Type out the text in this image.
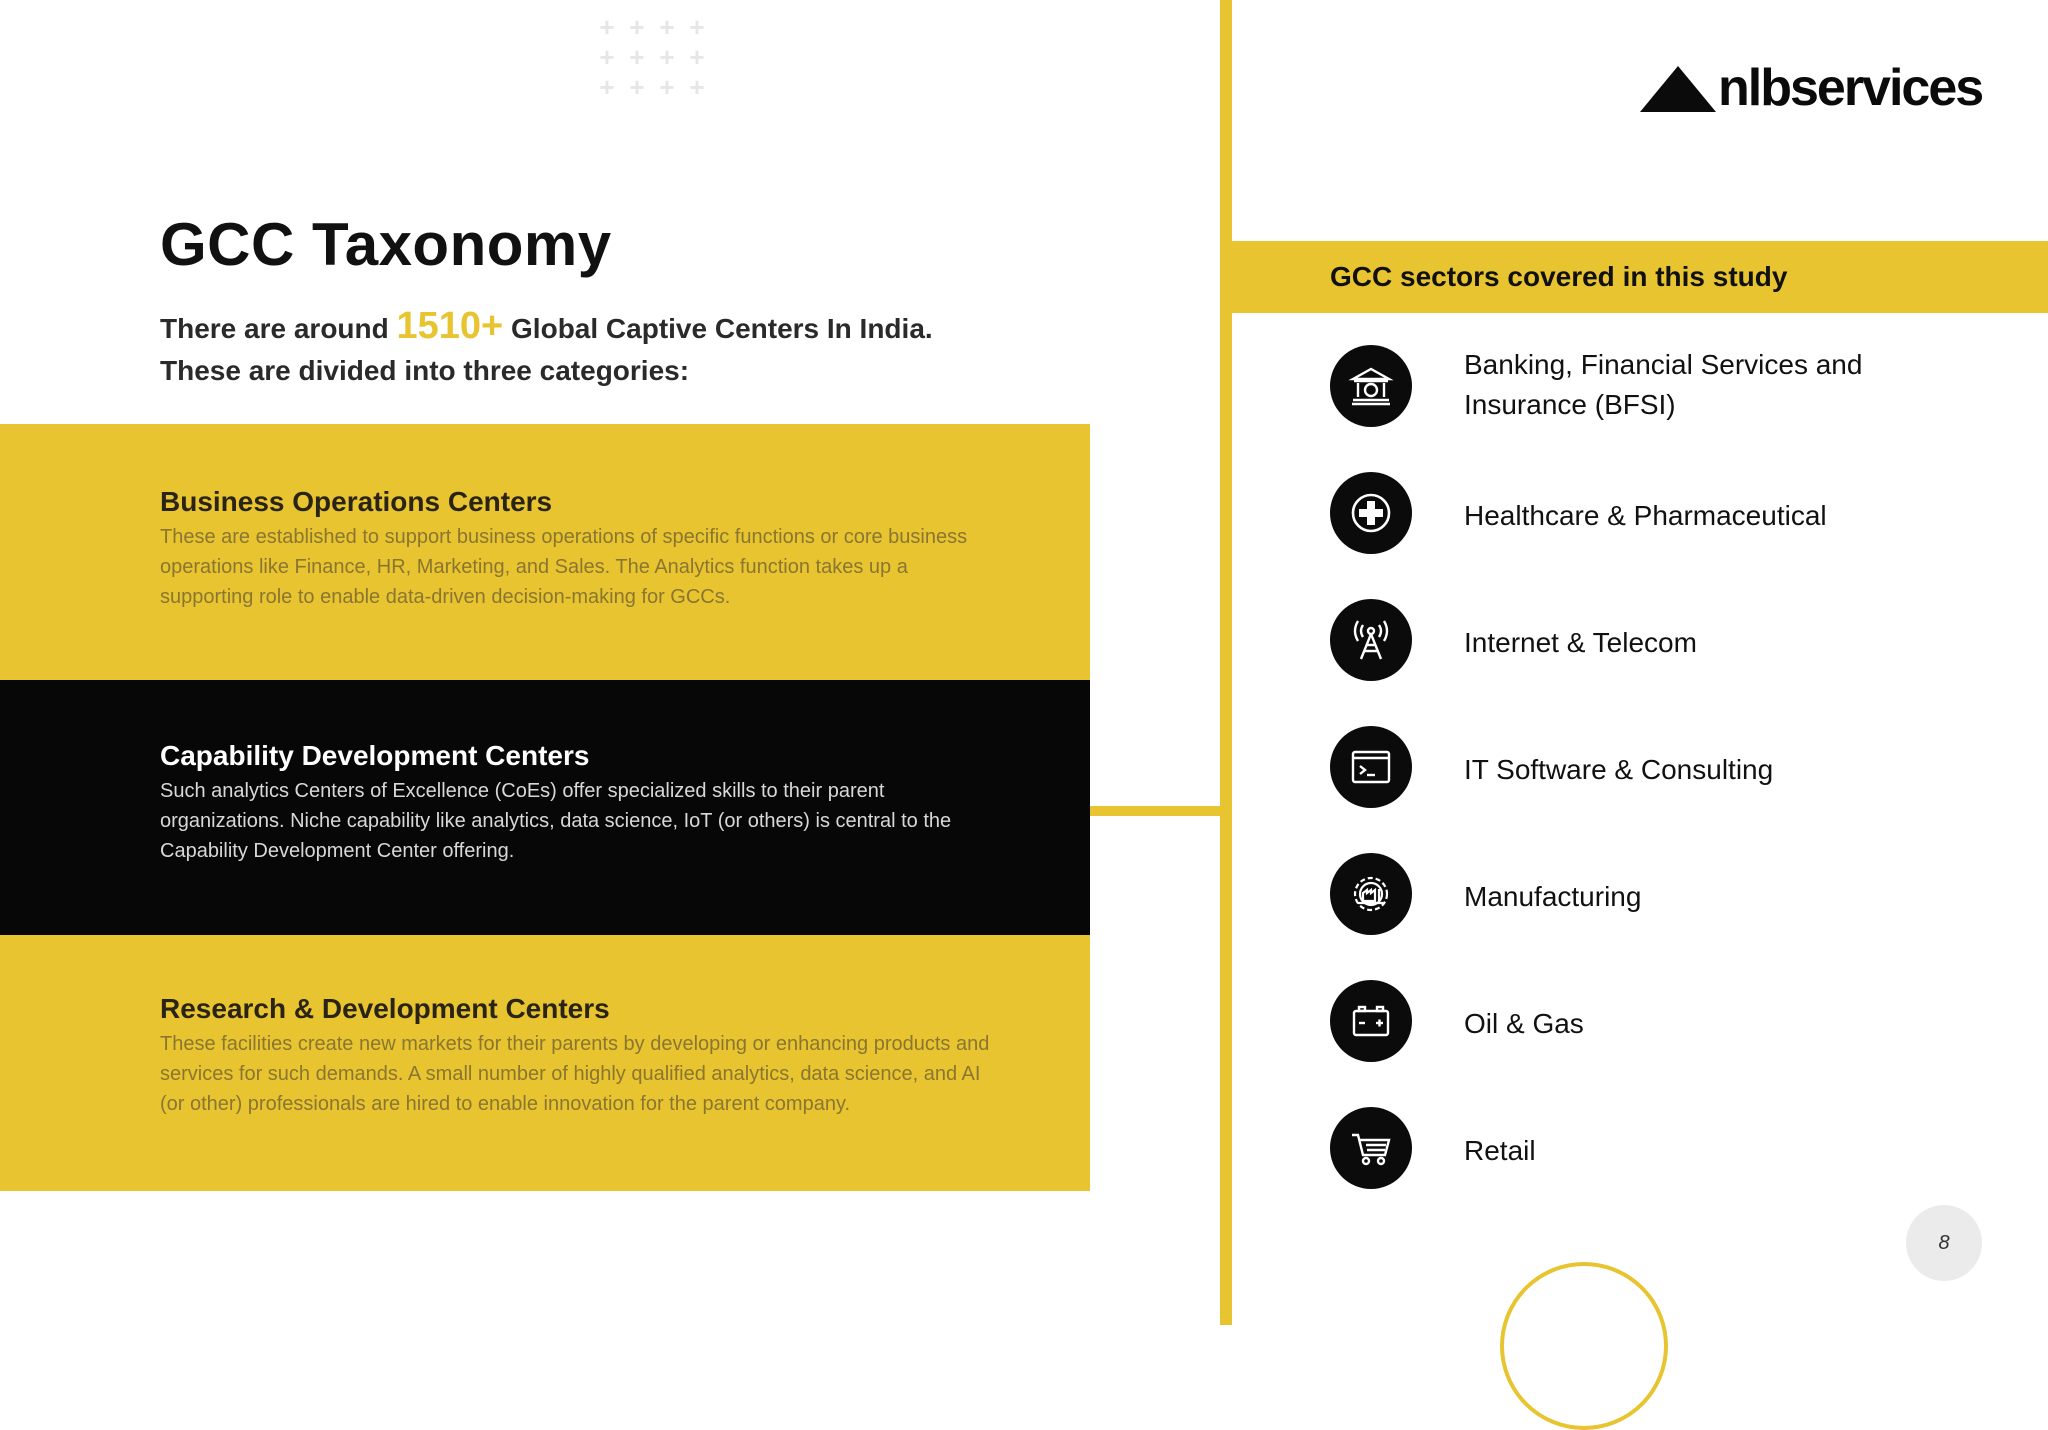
+ + + +
+ + + +
+ + + +
GCC Taxonomy

There are around 1510+ Global Captive Centers In India.
These are divided into three categories:

Business Operations Centers

These are established to support business operations of specific functions or core business operations like Finance, HR, Marketing, and Sales. The Analytics function takes up a supporting role to enable data-driven decision-making for GCCs.

Capability Development Centers

Such analytics Centers of Excellence (CoEs) offer specialized skills to their parent organizations. Niche capability like analytics, data science, IoT (or others) is central to the Capability Development Center offering.

Research & Development Centers

These facilities create new markets for their parents by developing or enhancing products and services for such demands. A small number of highly qualified analytics, data science, and AI (or other) professionals are hired to enable innovation for the parent company.

nlbservices
GCC sectors covered in this study
Banking, Financial Services and Insurance (BFSI)
Healthcare & Pharmaceutical
Internet & Telecom
IT Software & Consulting
Manufacturing
Oil & Gas
Retail
8
